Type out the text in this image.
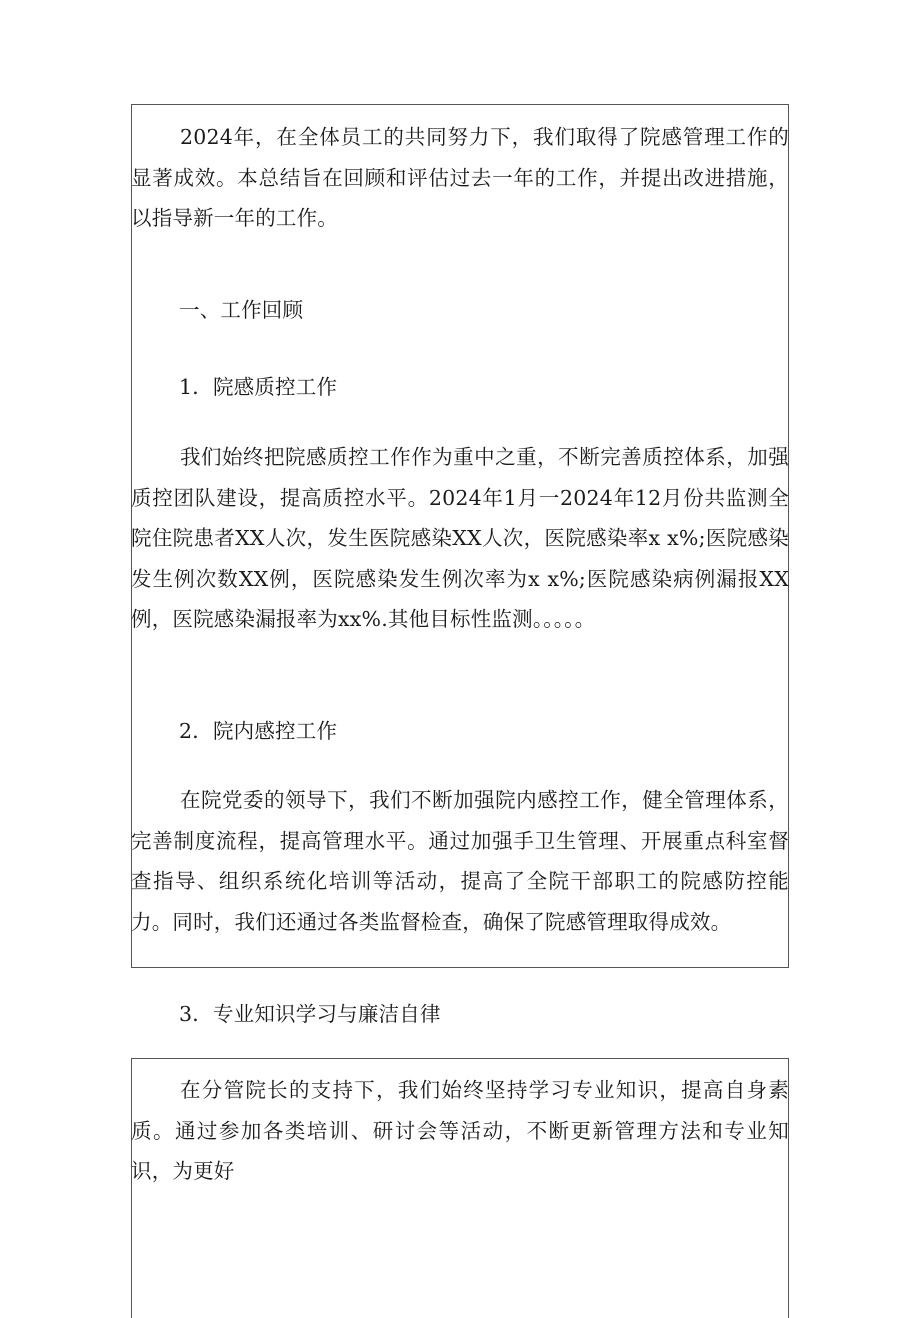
2024年，在全体员工的共同努力下，我们取得了院感管理工作的显著成效。本总结旨在回顾和评估过去一年的工作，并提出改进措施，以指导新一年的工作。

一、工作回顾

1．院感质控工作

我们始终把院感质控工作作为重中之重，不断完善质控体系，加强质控团队建设，提高质控水平。2024年1月一2024年12月份共监测全院住院患者XX人次，发生医院感染XX人次，医院感染率x x%;医院感染发生例次数XX例，医院感染发生例次率为x x%;医院感染病例漏报XX例，医院感染漏报率为xx%.其他目标性监测。。。。。

2．院内感控工作

在院党委的领导下，我们不断加强院内感控工作，健全管理体系，完善制度流程，提高管理水平。通过加强手卫生管理、开展重点科室督查指导、组织系统化培训等活动，提高了全院干部职工的院感防控能力。同时，我们还通过各类监督检查，确保了院感管理取得成效。

3．专业知识学习与廉洁自律

在分管院长的支持下，我们始终坚持学习专业知识，提高自身素质。通过参加各类培训、研讨会等活动，不断更新管理方法和专业知识，为更好
